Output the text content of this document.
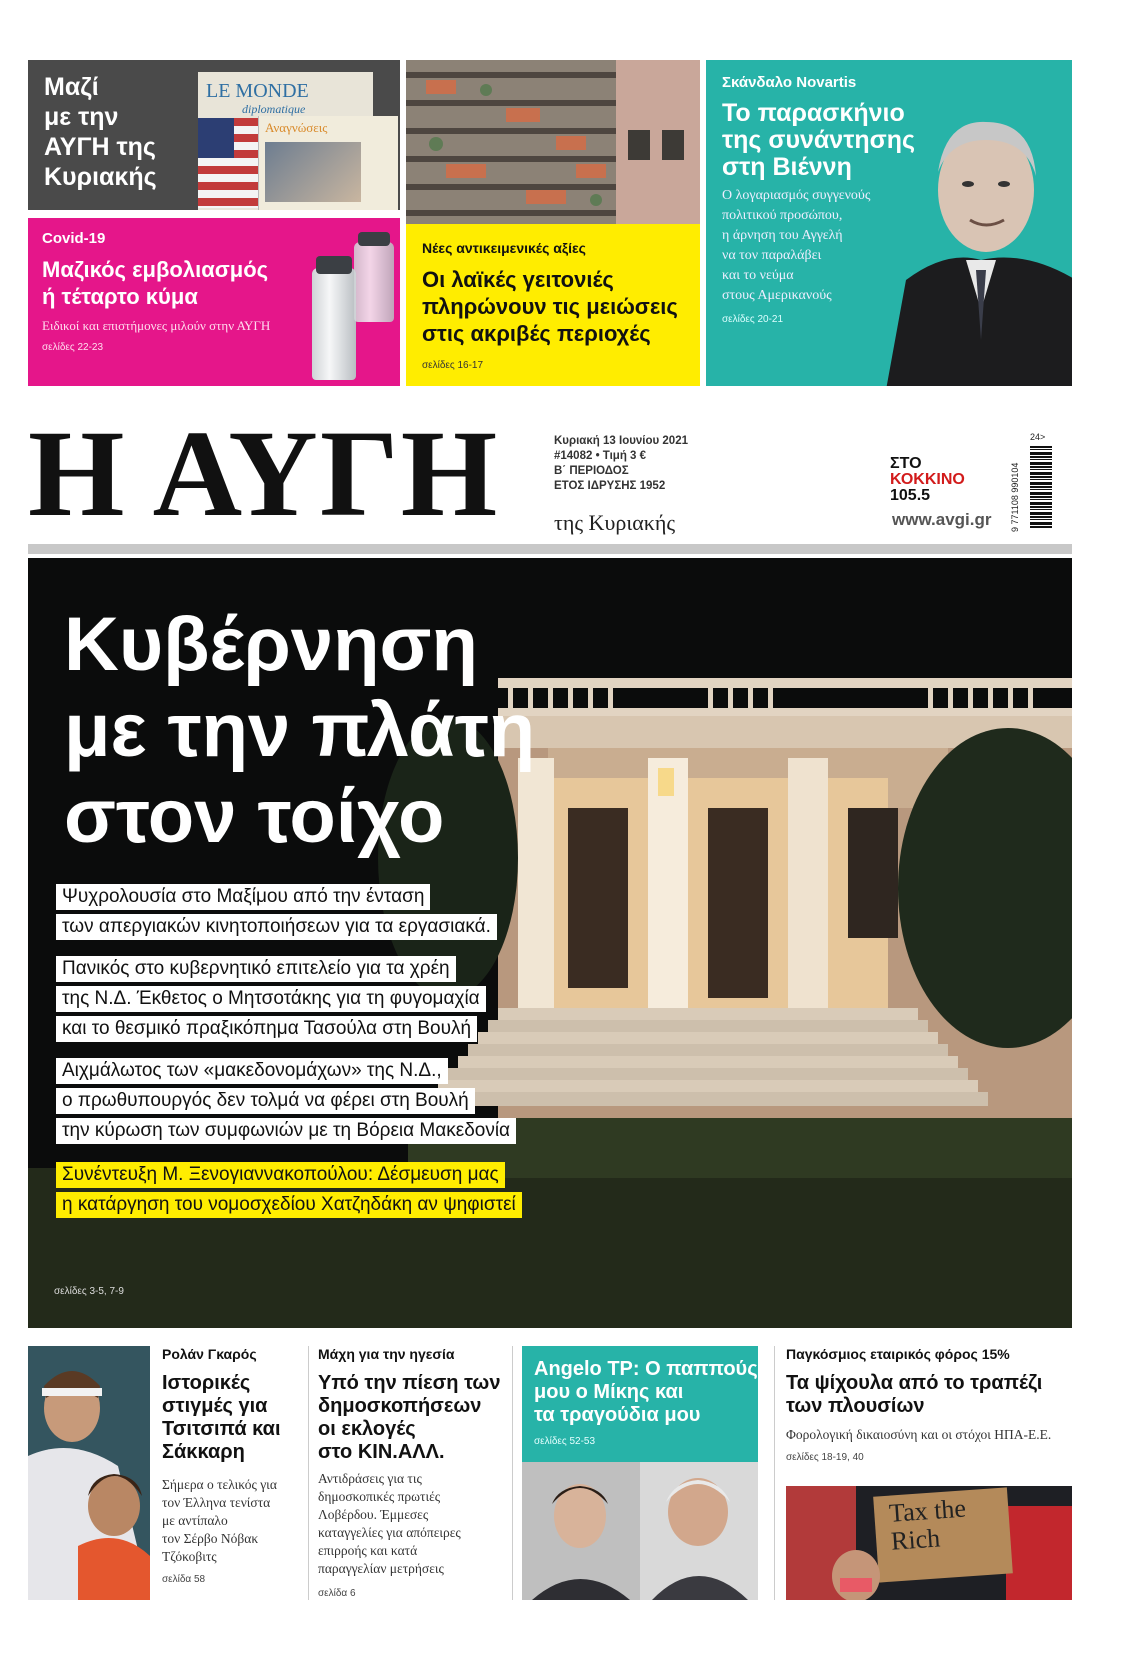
Μαζί
με την
ΑΥΓΗ της
Κυριακής
LE MONDE
diplomatique
Αναγνώσεις
Σκάνδαλο Novartis
Το παρασκήνιο
της συνάντησης
στη Βιέννη
Ο λογαριασμός συγγενούς
πολιτικού προσώπου,
η άρνηση του Αγγελή
να τον παραλάβει
και το νεύμα
στους Αμερικανούς
σελίδες 20-21
Covid-19
Μαζικός εμβολιασμός
ή τέταρτο κύμα
Ειδικοί και επιστήμονες μιλούν στην ΑΥΓΗ
σελίδες 22-23
Νέες αντικειμενικές αξίες
Οι λαϊκές γειτονιές
πληρώνουν τις μειώσεις
στις ακριβές περιοχές
σελίδες 16-17
Η ΑΥΓΗ	Κυριακή 13 Ιουνίου 2021
#14082 • Τιμή 3 €
Β΄ ΠΕΡΙΟΔΟΣ
ΕΤΟΣ ΙΔΡΥΣΗΣ 1952
της Κυριακής
ΣΤΟ
ΚΟΚΚΙΝΟ
105.5
www.avgi.gr 9 771108 990104
24>
Κυβέρνηση
με την πλάτη
στον τοίχο
Ψυχρολουσία στο Μαξίμου από την ένταση
των απεργιακών κινητοποιήσεων για τα εργασιακά.
Πανικός στο κυβερνητικό επιτελείο για τα χρέη
της Ν.Δ. Έκθετος ο Μητσοτάκης για τη φυγομαχία
και το θεσμικό πραξικόπημα Τασούλα στη Βουλή
Αιχμάλωτος των «μακεδονομάχων» της Ν.Δ.,
ο πρωθυπουργός δεν τολμά να φέρει στη Βουλή
την κύρωση των συμφωνιών με τη Βόρεια Μακεδονία
Συνέντευξη Μ. Ξενογιαννακοπούλου: Δέσμευση μας
η κατάργηση του νομοσχεδίου Χατζηδάκη αν ψηφιστεί
σελίδες 3-5, 7-9
Ρολάν Γκαρός
Ιστορικές
στιγμές για
Τσιτσιπά και
Σάκκαρη
Σήμερα ο τελικός για
τον Έλληνα τενίστα
με αντίπαλο
τον Σέρβο Νόβακ
Τζόκοβιτς
σελίδα 58
Μάχη για την ηγεσία
Υπό την πίεση των
δημοσκοπήσεων
οι εκλογές
στο ΚΙΝ.ΑΛΛ.
Αντιδράσεις για τις
δημοσκοπικές πρωτιές
Λοβέρδου. Έμμεσες
καταγγελίες για απόπειρες
επιρροής και κατά
παραγγελίαν μετρήσεις
σελίδα 6
Angelo TP: Ο παππούς
μου ο Μίκης και
τα τραγούδια μου
σελίδες 52-53
Παγκόσμιος εταιρικός φόρος 15%
Τα ψίχουλα από το τραπέζι
των πλουσίων
Φορολογική δικαιοσύνη και οι στόχοι ΗΠΑ-Ε.Ε.
σελίδες 18-19, 40
Tax the Rich
